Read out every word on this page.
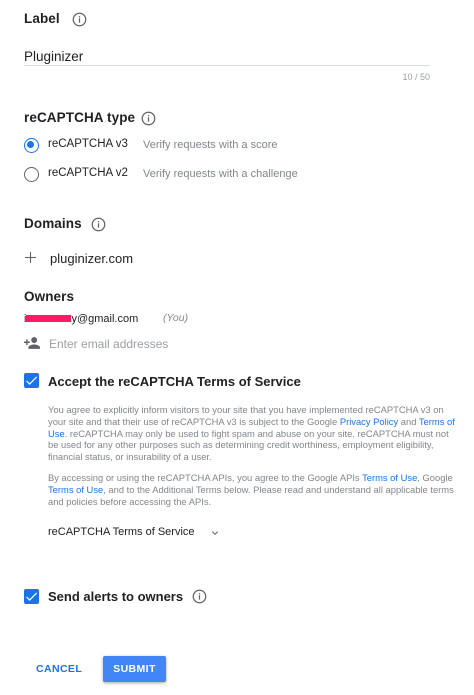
Label
Pluginizer
10 / 50
reCAPTCHA type
reCAPTCHA v3 Verify requests with a score
reCAPTCHA v2 Verify requests with a challenge
Domains
pluginizer.com
Owners
i	y@gmail.com (You)
Enter email addresses
Accept the reCAPTCHA Terms of Service
You agree to explicitly inform visitors to your site that you have implemented reCAPTCHA v3 on your site and that their use of reCAPTCHA v3 is subject to the Google Privacy Policy and Terms of Use. reCAPTCHA may only be used to fight spam and abuse on your site. reCAPTCHA must not be used for any other purposes such as determining credit worthiness, employment eligibility, financial status, or insurability of a user.
By accessing or using the reCAPTCHA APIs, you agree to the Google APIs Terms of Use, Google Terms of Use, and to the Additional Terms below. Please read and understand all applicable terms and policies before accessing the APIs.
reCAPTCHA Terms of Service
Send alerts to owners
CANCEL	SUBMIT
